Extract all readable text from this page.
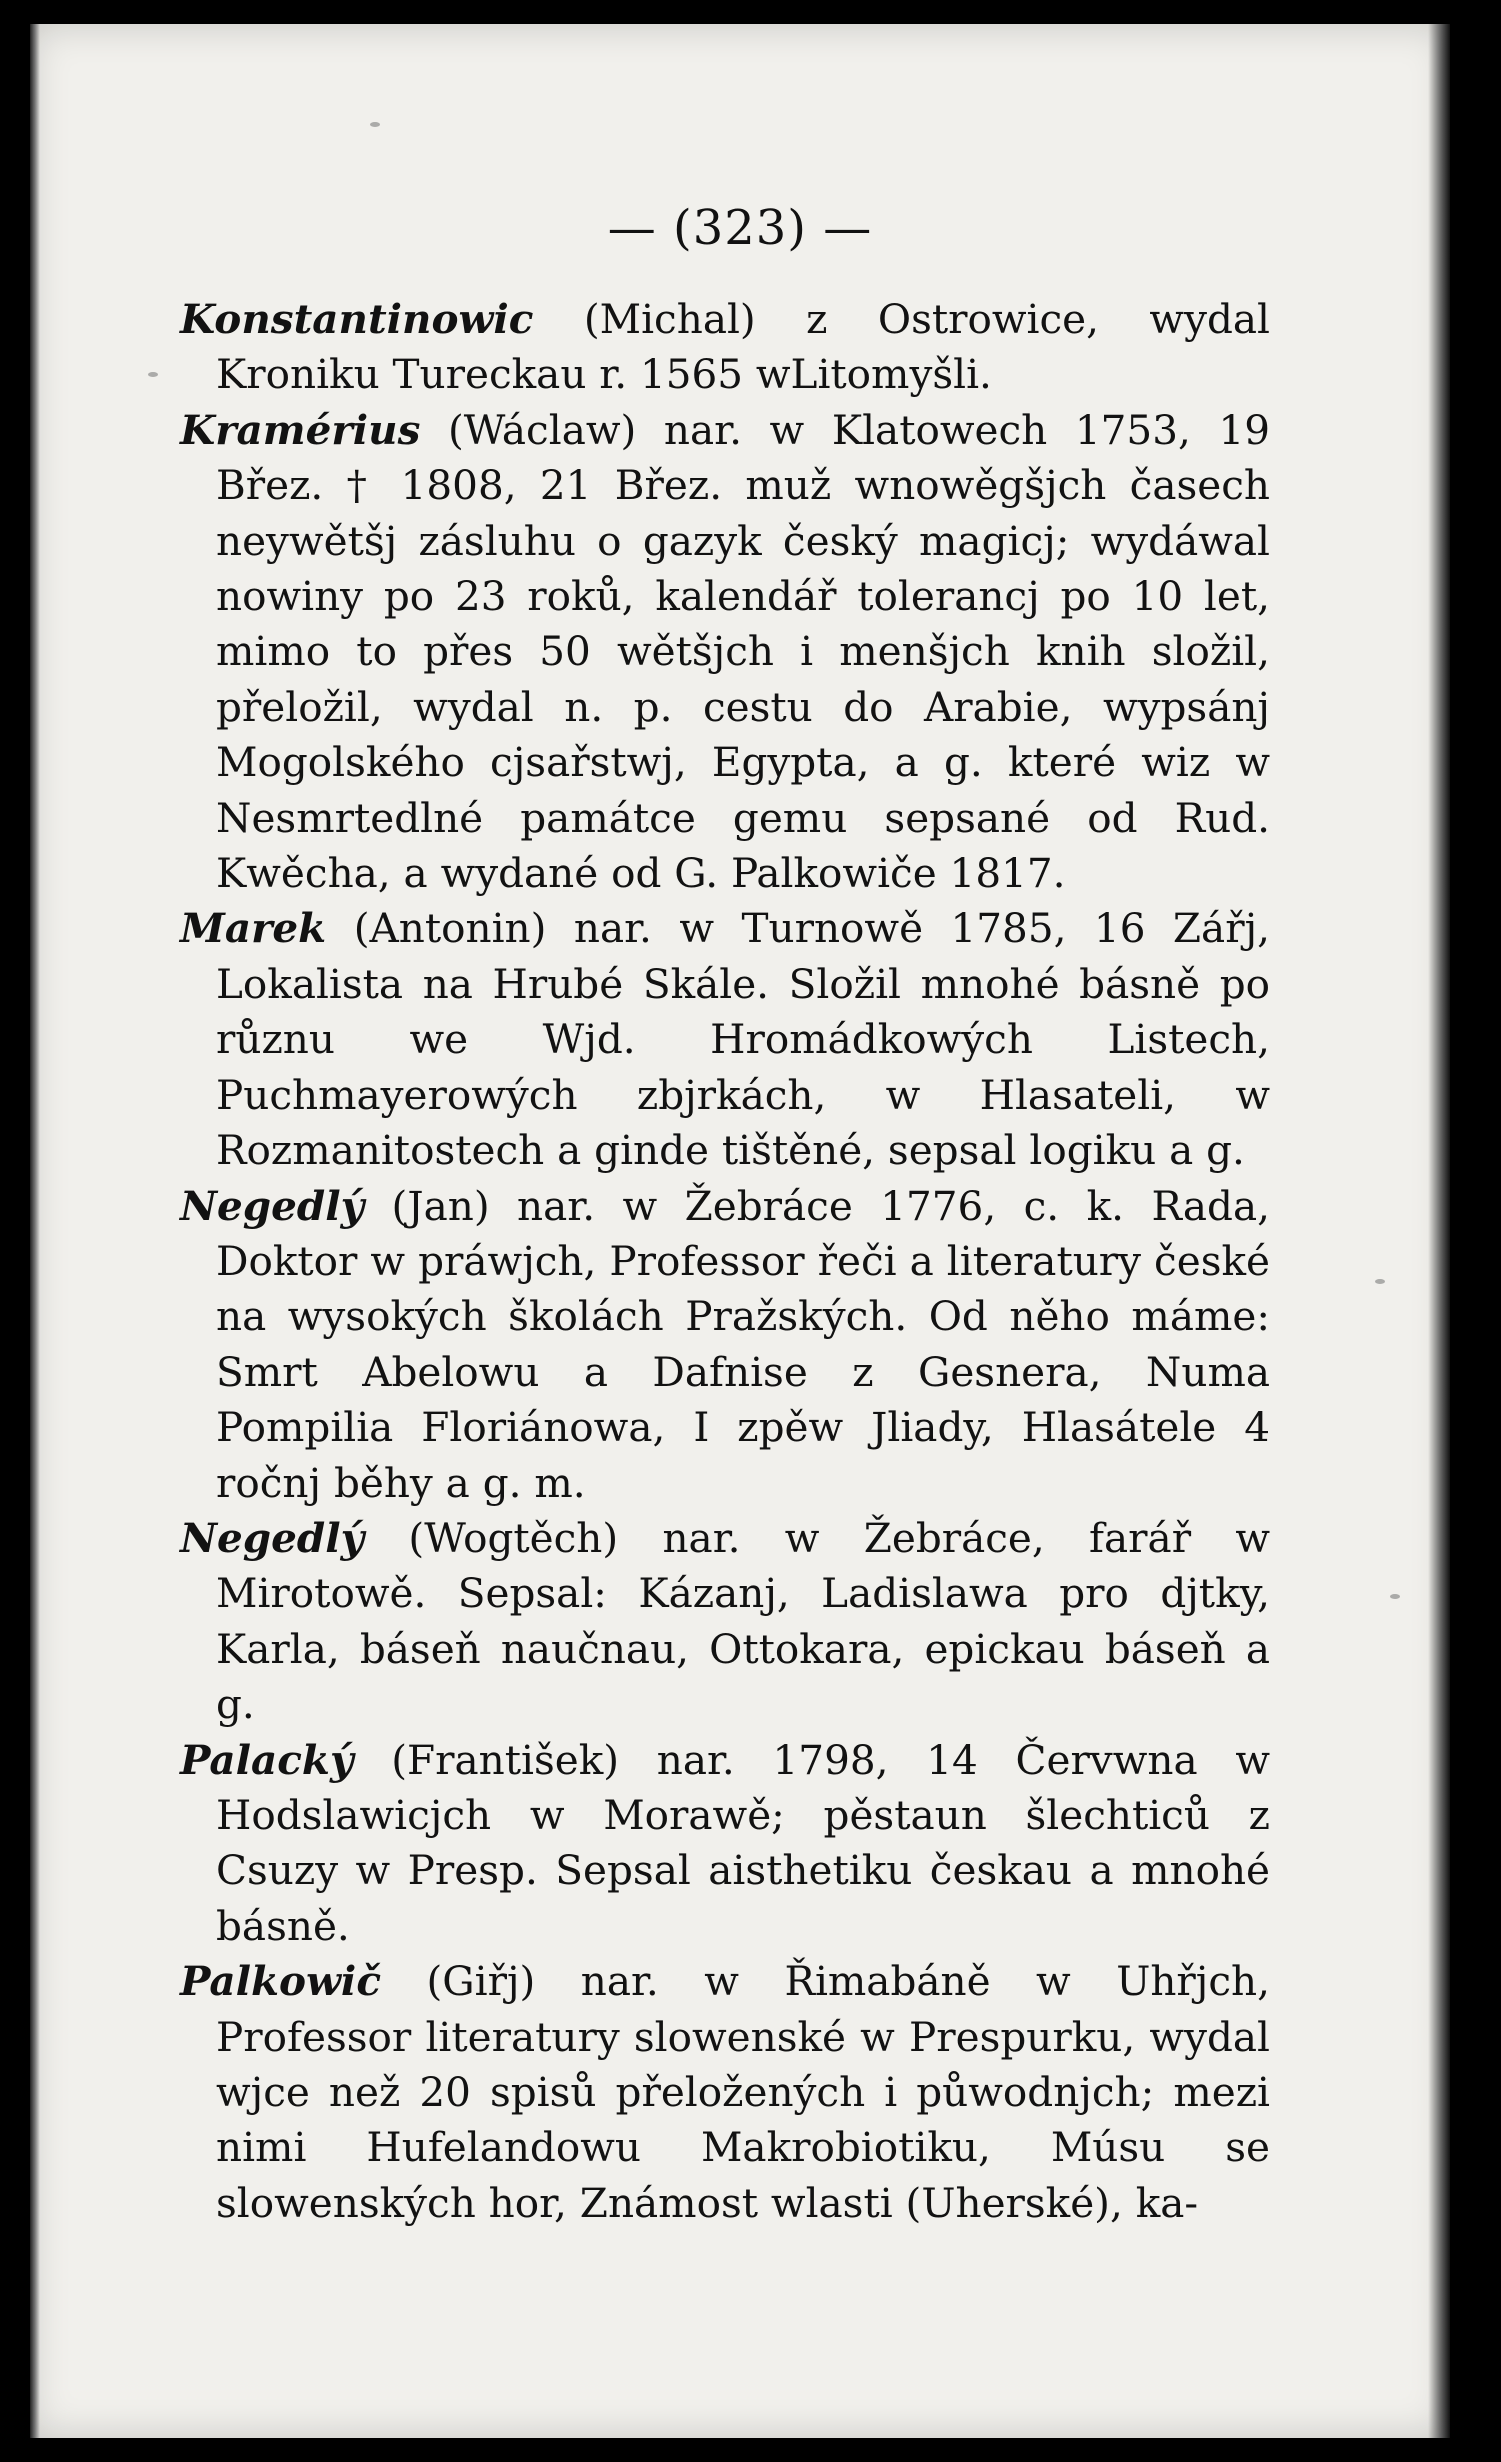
— (323) —

Konstantinowic (Michal) z Ostrowice, wydal Kroniku Tureckau r. 1565 wLitomyšli.

Kramérius (Wáclaw) nar. w Klatowech 1753, 19 Břez. † 1808, 21 Břez. muž wnowěgšjch časech neywětšj zásluhu o gazyk český magicj; wydáwal nowiny po 23 roků, kalendář tolerancj po 10 let, mimo to přes 50 wětšjch i menšjch knih složil, přeložil, wydal n. p. cestu do Arabie, wypsánj Mogolského cjsařstwj, Egypta, a g. které wiz w Nesmrtedlné památce gemu sepsané od Rud. Kwěcha, a wydané od G. Palkowiče 1817.

Marek (Antonin) nar. w Turnowě 1785, 16 Zářj, Lokalista na Hrubé Skále. Složil mnohé básně po různu we Wjd. Hromádkowých Listech, Puchmayerowých zbjrkách, w Hlasateli, w Rozmanitostech a ginde tištěné, sepsal logiku a g.

Negedlý (Jan) nar. w Žebráce 1776, c. k. Rada, Doktor w práwjch, Professor řeči a literatury české na wysokých školách Pražských. Od něho máme: Smrt Abelowu a Dafnise z Gesnera, Numa Pompilia Floriánowa, I zpěw Jliady, Hlasátele 4 ročnj běhy a g. m.

Negedlý (Wogtěch) nar. w Žebráce, farář w Mirotowě. Sepsal: Kázanj, Ladislawa pro djtky, Karla, báseň naučnau, Ottokara, epickau báseň a g.

Palacký (František) nar. 1798, 14 Červwna w Hodslawicjch w Morawě; pěstaun šlechticů z Csuzy w Presp. Sepsal aisthetiku českau a mnohé básně.

Palkowič (Giřj) nar. w Řimabáně w Uhřjch, Professor literatury slowenské w Prespurku, wydal wjce než 20 spisů přeložených i půwodnjch; mezi nimi Hufelandowu Makrobiotiku, Músu se slowenských hor, Známost wlasti (Uherské), ka-
